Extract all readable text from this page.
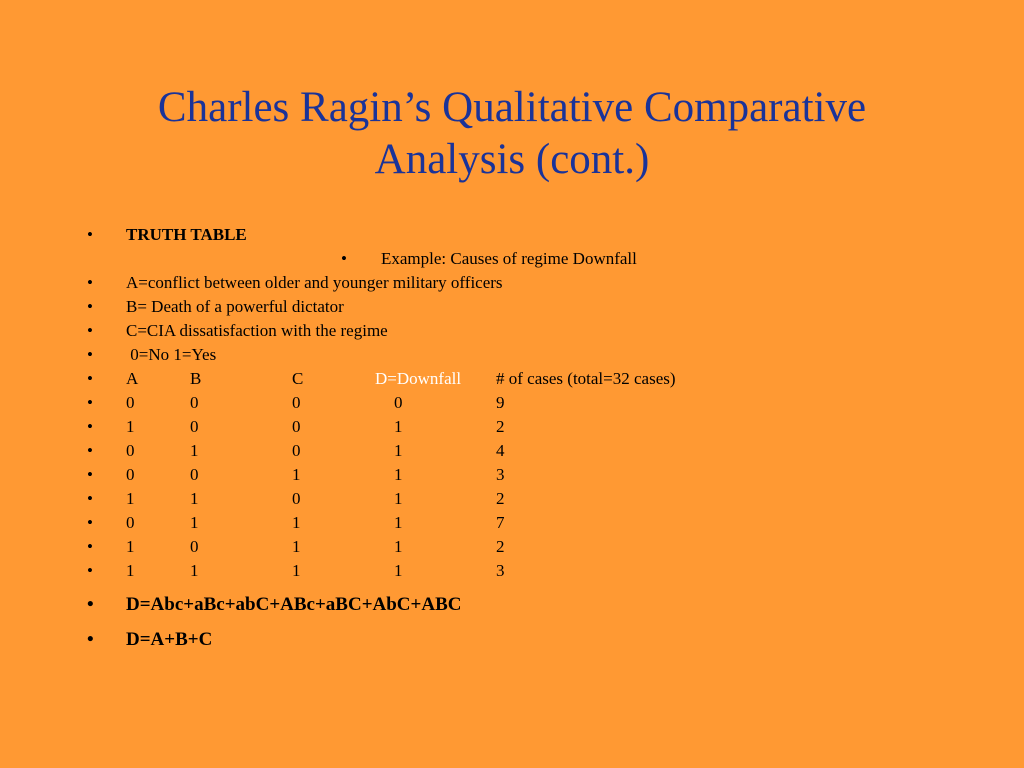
Charles Ragin’s Qualitative Comparative
Analysis (cont.)
• TRUTH TABLE
• Example: Causes of regime Downfall
• A=conflict between older and younger military officers
• B= Death of a powerful dictator
• C=CIA dissatisfaction with the regime
• 0=No 1=Yes
• A	B	C	D=Downfall # of cases (total=32 cases)
• 0	0	0	0	9
• 1	0	0	1	2
• 0	1	0	1	4
• 0	0	1	1	3
• 1	1	0	1	2
• 0	1	1	1	7
• 1	0	1	1	2
• 1	1	1	1	3
• D=Abc+aBc+abC+ABc+aBC+AbC+ABC
• D=A+B+C
